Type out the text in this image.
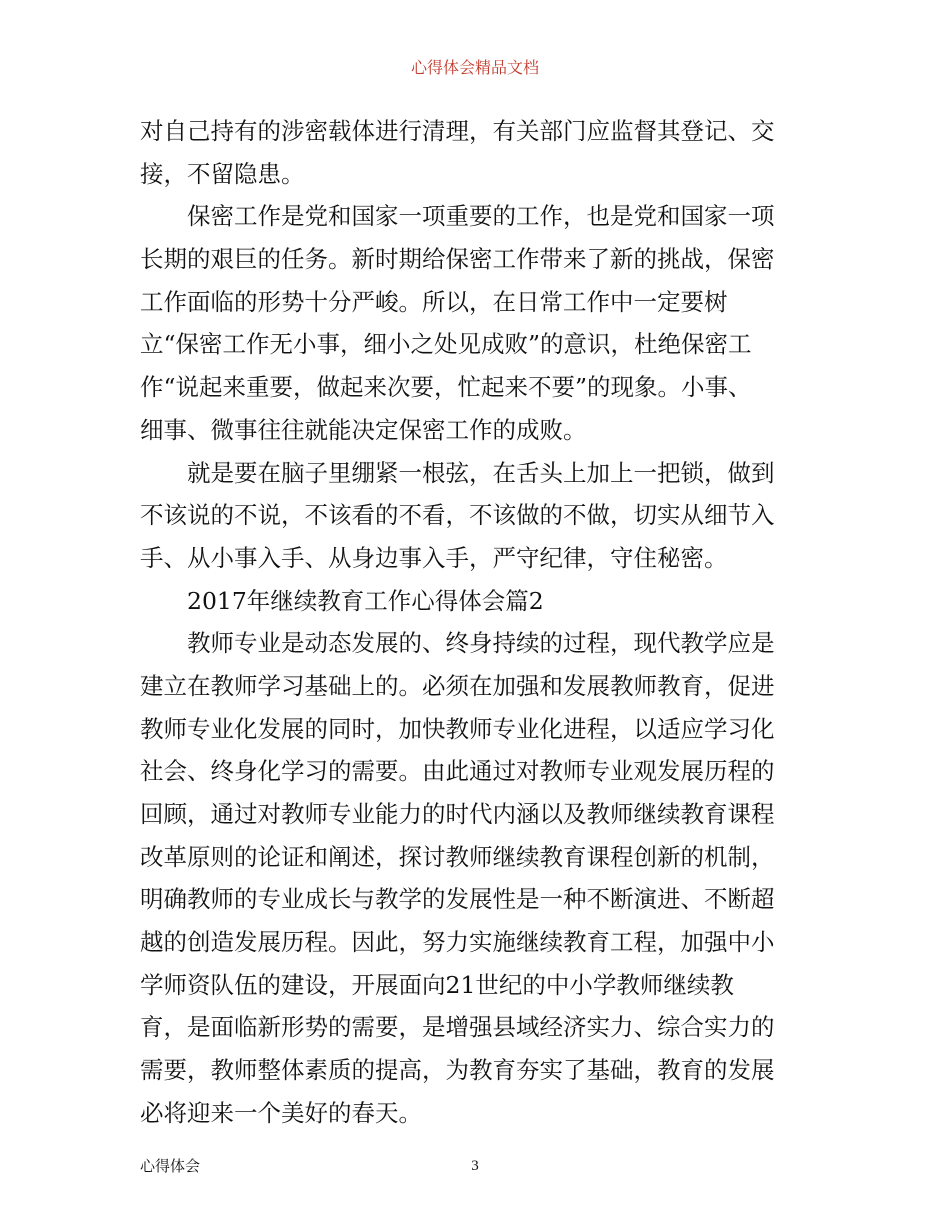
心得体会精品文档
对自己持有的涉密载体进行清理，有关部门应监督其登记、交
接，不留隐患。
保密工作是党和国家一项重要的工作，也是党和国家一项
长期的艰巨的任务。新时期给保密工作带来了新的挑战，保密
工作面临的形势十分严峻。所以，在日常工作中一定要树
立“保密工作无小事，细小之处见成败”的意识，杜绝保密工
作“说起来重要，做起来次要，忙起来不要”的现象。小事、
细事、微事往往就能决定保密工作的成败。
就是要在脑子里绷紧一根弦，在舌头上加上一把锁，做到
不该说的不说，不该看的不看，不该做的不做，切实从细节入
手、从小事入手、从身边事入手，严守纪律，守住秘密。
2017年继续教育工作心得体会篇2
教师专业是动态发展的、终身持续的过程，现代教学应是
建立在教师学习基础上的。必须在加强和发展教师教育，促进
教师专业化发展的同时，加快教师专业化进程，以适应学习化
社会、终身化学习的需要。由此通过对教师专业观发展历程的
回顾，通过对教师专业能力的时代内涵以及教师继续教育课程
改革原则的论证和阐述，探讨教师继续教育课程创新的机制，
明确教师的专业成长与教学的发展性是一种不断演进、不断超
越的创造发展历程。因此，努力实施继续教育工程，加强中小
学师资队伍的建设，开展面向21世纪的中小学教师继续教
育，是面临新形势的需要，是增强县域经济实力、综合实力的
需要，教师整体素质的提高，为教育夯实了基础，教育的发展
必将迎来一个美好的春天。
心得体会	3
